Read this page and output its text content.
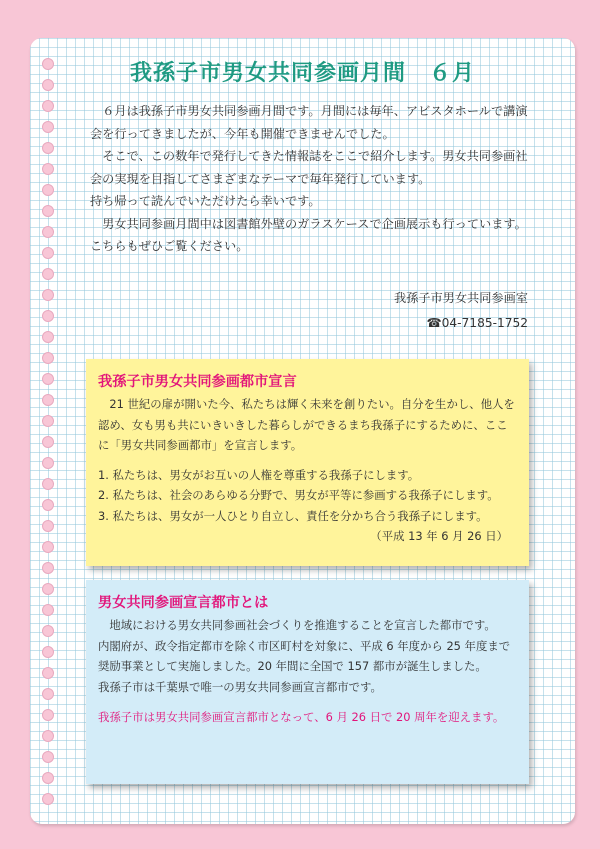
我孫子市男女共同参画月間　６月

６月は我孫子市男女共同参画月間です。月間には毎年、アビスタホールで講演会を行ってきましたが、今年も開催できませんでした。

そこで、この数年で発行してきた情報誌をここで紹介します。男女共同参画社会の実現を目指してさまざまなテーマで毎年発行しています。

持ち帰って読んでいただけたら幸いです。

男女共同参画月間中は図書館外壁のガラスケースで企画展示も行っています。こちらもぜひご覧ください。

我孫子市男女共同参画室
☎04-7185-1752
我孫子市男女共同参画都市宣言

21 世紀の扉が開いた今、私たちは輝く未来を創りたい。自分を生かし、他人を認め、女も男も共にいきいきした暮らしができるまち我孫子にするために、ここに「男女共同参画都市」を宣言します。

1. 私たちは、男女がお互いの人権を尊重する我孫子にします。
2. 私たちは、社会のあらゆる分野で、男女が平等に参画する我孫子にします。
3. 私たちは、男女が一人ひとり自立し、責任を分かち合う我孫子にします。
（平成 13 年 6 月 26 日）
男女共同参画宣言都市とは

地域における男女共同参画社会づくりを推進することを宣言した都市です。

内閣府が、政令指定都市を除く市区町村を対象に、平成 6 年度から 25 年度まで奨励事業として実施しました。20 年間に全国で 157 都市が誕生しました。

我孫子市は千葉県で唯一の男女共同参画宣言都市です。

我孫子市は男女共同参画宣言都市となって、6 月 26 日で 20 周年を迎えます。
